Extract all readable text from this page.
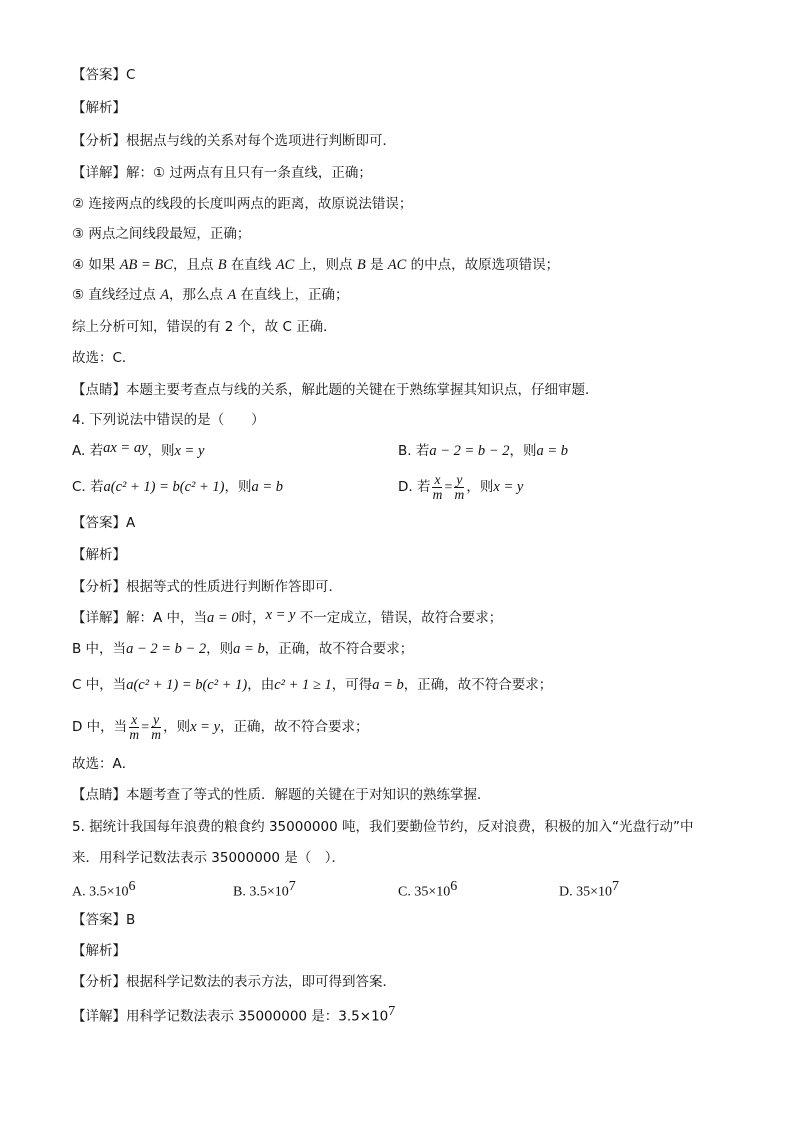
【答案】C
【解析】
【分析】根据点与线的关系对每个选项进行判断即可．
【详解】解：① 过两点有且只有一条直线，正确；
② 连接两点的线段的长度叫两点的距离，故原说法错误；
③ 两点之间线段最短，正确；
④ 如果 AB = BC，且点 B 在直线 AC 上，则点 B 是 AC 的中点，故原选项错误；
⑤ 直线经过点 A，那么点 A 在直线上，正确；
综上分析可知，错误的有 2 个，故 C 正确．
故选：C．
【点睛】本题主要考查点与线的关系，解此题的关键在于熟练掌握其知识点，仔细审题．
4. 下列说法中错误的是（　　）
A. 若ax = ay，则x = y	B. 若a − 2 = b − 2，则a = b
C. 若a(c² + 1) = b(c² + 1)，则a = b	D. 若 $\frac{x}{m} = \frac{y}{m}$ ，则x = y
【答案】A
【解析】
【分析】根据等式的性质进行判断作答即可．
【详解】解：A 中，当a = 0时，x = y 不一定成立，错误，故符合要求；
B 中，当a − 2 = b − 2，则a = b，正确，故不符合要求；
C 中，当a(c² + 1) = b(c² + 1)，由c² + 1 ≥ 1，可得a = b，正确，故不符合要求；
D 中，当 $\frac{x}{m} = \frac{y}{m}$ ，则x = y，正确，故不符合要求；
故选：A．
【点睛】本题考查了等式的性质．解题的关键在于对知识的熟练掌握．
5. 据统计我国每年浪费的粮食约 35000000 吨，我们要勤俭节约，反对浪费，积极的加入“光盘行动”中
来．用科学记数法表示 35000000 是（　）．
A. $3.5\times 10^6$	B. $3.5\times 10^7$	C. $35\times 10^6$	D. $35\times 10^7$
【答案】B
【解析】
【分析】根据科学记数法的表示方法，即可得到答案．
【详解】用科学记数法表示 35000000 是：$3.5\times 10^7$
